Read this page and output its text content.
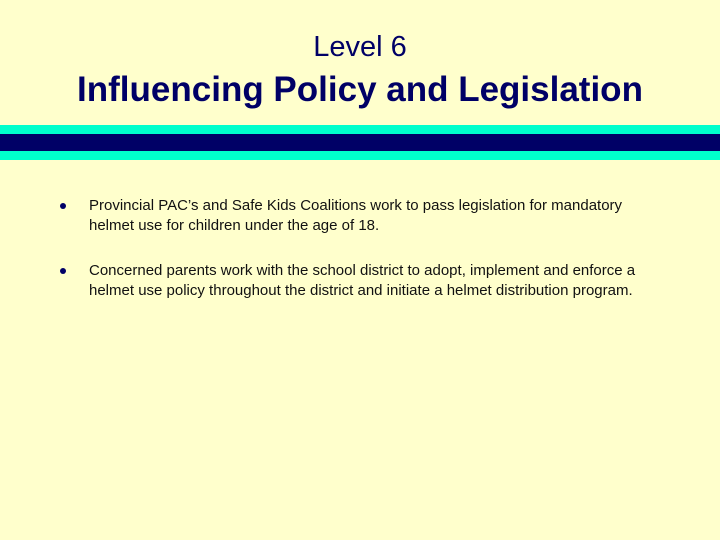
Level 6
Influencing Policy and Legislation
Provincial PAC’s and Safe Kids Coalitions work to pass legislation for mandatory helmet use for children under the age of 18.
Concerned parents work with the school district to adopt, implement and enforce a helmet use policy throughout the district and initiate a helmet distribution program.
